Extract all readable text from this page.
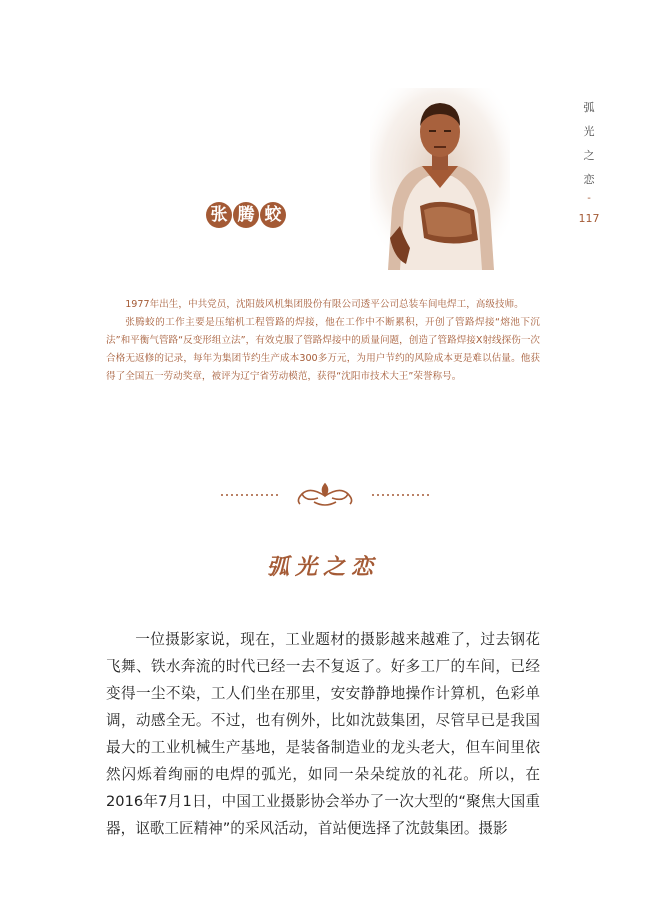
张 腾 蛟
弧
光
之
恋
-
117

1977年出生，中共党员，沈阳鼓风机集团股份有限公司透平公司总装车间电焊工，高级技师。

张腾蛟的工作主要是压缩机工程管路的焊接，他在工作中不断累积，开创了管路焊接“熔池下沉法”和平衡气管路“反变形组立法”，有效克服了管路焊接中的质量问题，创造了管路焊接X射线探伤一次合格无返修的记录，每年为集团节约生产成本300多万元，为用户节约的风险成本更是难以估量。他获得了全国五一劳动奖章，被评为辽宁省劳动模范，获得“沈阳市技术大王”荣誉称号。

弧光之恋

一位摄影家说，现在，工业题材的摄影越来越难了，过去钢花飞舞、铁水奔流的时代已经一去不复返了。好多工厂的车间，已经变得一尘不染，工人们坐在那里，安安静静地操作计算机，色彩单调，动感全无。不过，也有例外，比如沈鼓集团，尽管早已是我国最大的工业机械生产基地，是装备制造业的龙头老大，但车间里依然闪烁着绚丽的电焊的弧光，如同一朵朵绽放的礼花。所以，在2016年7月1日，中国工业摄影协会举办了一次大型的“聚焦大国重器，讴歌工匠精神”的采风活动，首站便选择了沈鼓集团。摄影
